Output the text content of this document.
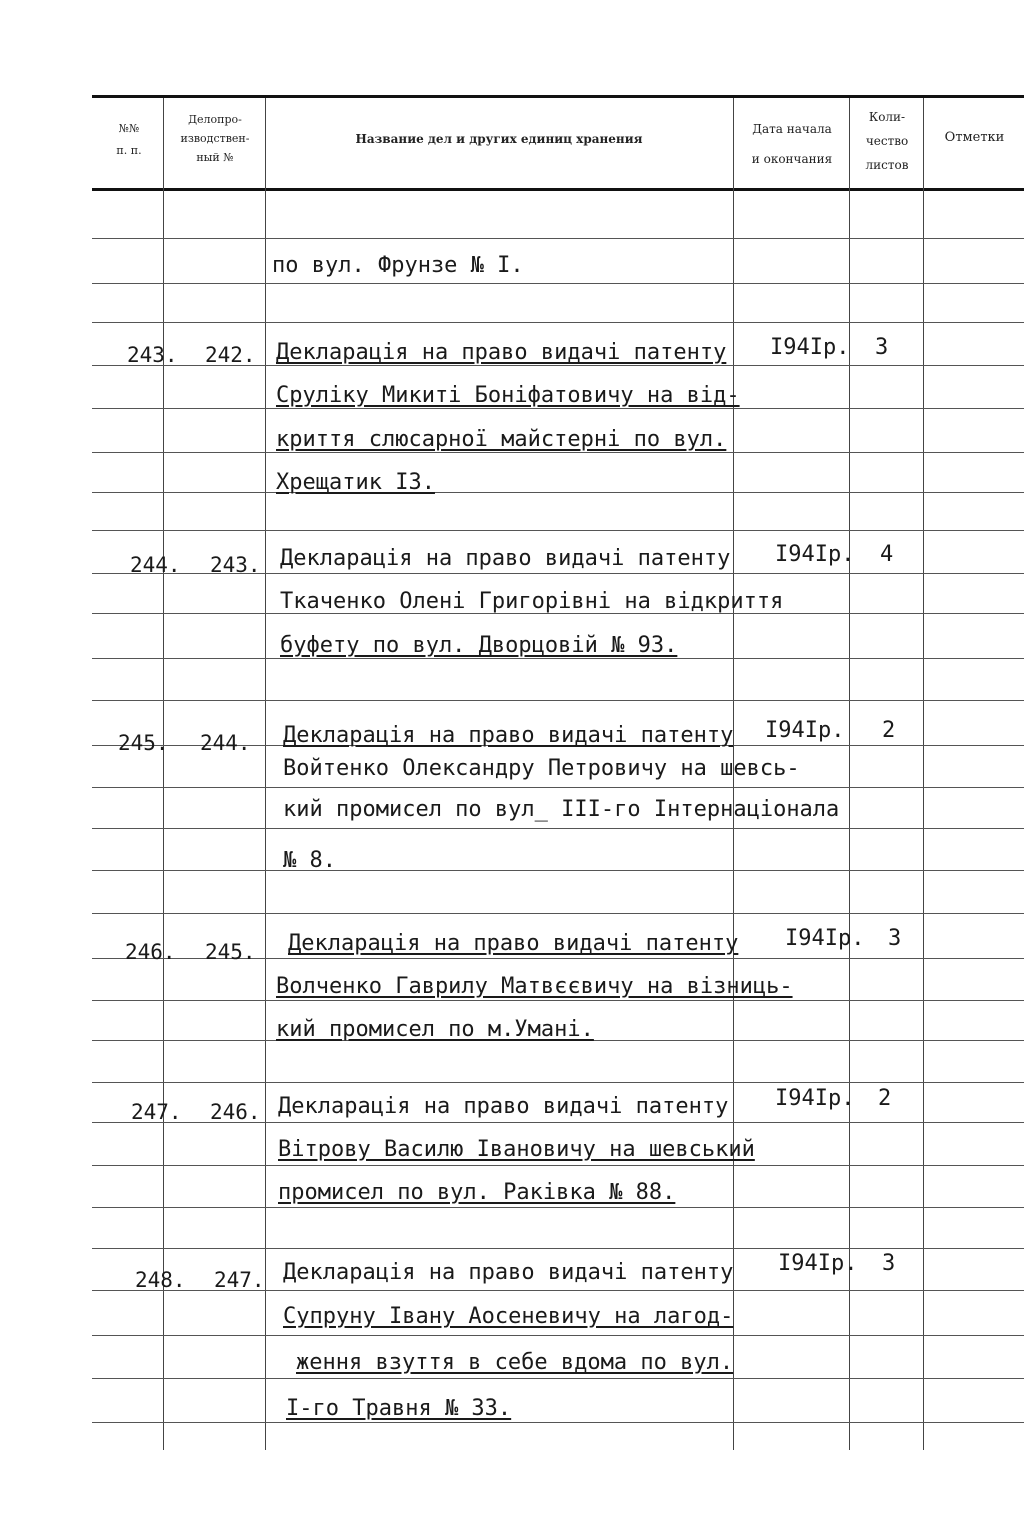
№№
п. п.
Делопро-
изводствен-
ный №
Название дел и других единиц хранения
Дата начала
и окончания
Коли-
чество
листов
Отметки
по вул. Фрунзе № I.
243. 242. Декларація на право видачі патенту
Сруліку Микиті Боніфатовичу на від-
криття слюсарної майстерні по вул.
Хрещатик I3.
I94Iр. 3
244. 243. Декларація на право видачі патенту
Ткаченко Олені Григорівні на відкриття
буфету по вул. Дворцовій № 93.
I94Iр. 4
245. 244. Декларація на право видачі патенту
Войтенко Олександру Петровичу на шевсь-
кий промисел по вул_ III-го Інтернаціонала
№ 8.
I94Iр. 2
246. 245. Декларація на право видачі патенту
Волченко Гаврилу Матвєєвичу на візниць-
кий промисел по м.Умані.
I94Iр. 3
247. 246. Декларація на право видачі патенту
Вітрову Василю Івановичу на шевський
промисел по вул. Раківка № 88.
I94Iр. 2
248. 247. Декларація на право видачі патенту
Супруну Івану Аосеневичу на лагод-
ження взуття в себе вдома по вул.
I-го Травня № 33.
I94Iр. 3
